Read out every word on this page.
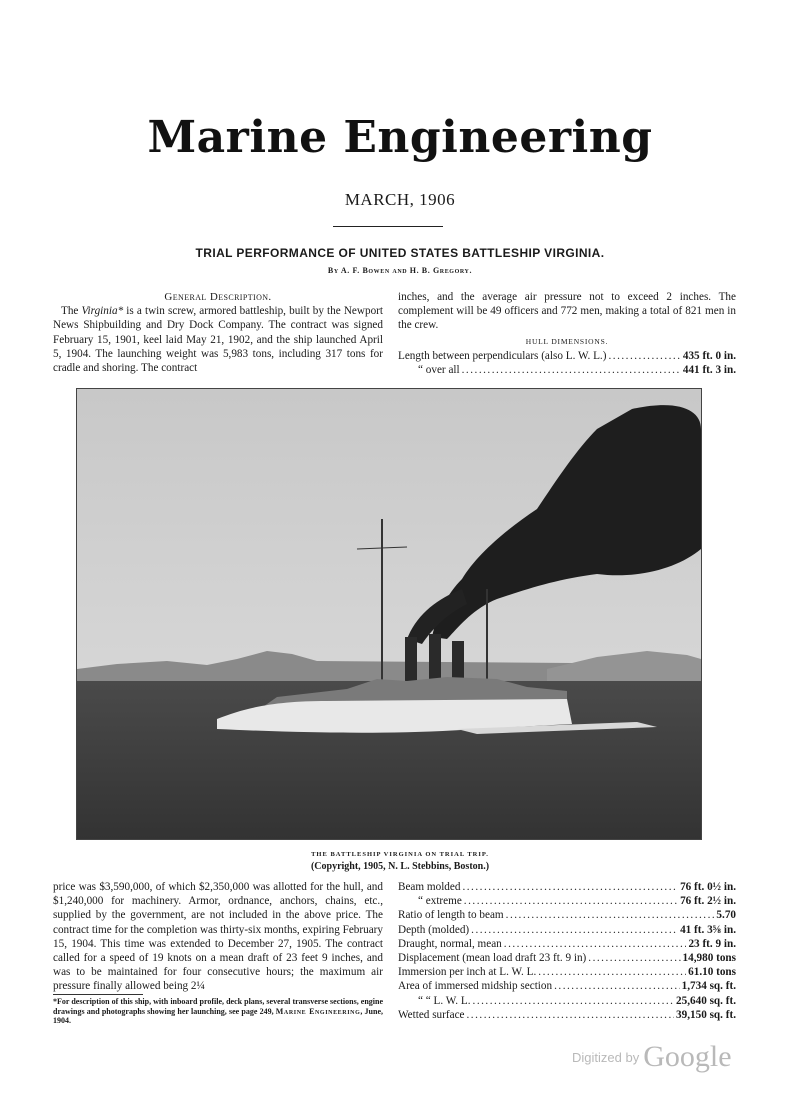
Marine Engineering
MARCH, 1906
TRIAL PERFORMANCE OF UNITED STATES BATTLESHIP VIRGINIA.
By A. F. Bowen and H. B. Gregory.
General Description.

The Virginia* is a twin screw, armored battleship, built by the Newport News Shipbuilding and Dry Dock Company. The contract was signed February 15, 1901, keel laid May 21, 1902, and the ship launched April 5, 1904. The launching weight was 5,983 tons, including 317 tons for cradle and shoring. The contract

inches, and the average air pressure not to exceed 2 inches. The complement will be 49 officers and 772 men, making a total of 821 men in the crew.

HULL DIMENSIONS.
Length between perpendiculars (also L. W. L.) .....	435 ft. 0 in.
“ over all .....	441 ft. 3 in.
THE BATTLESHIP VIRGINIA ON TRIAL TRIP.
(Copyright, 1905, N. L. Stebbins, Boston.)

price was $3,590,000, of which $2,350,000 was allotted for the hull, and $1,240,000 for machinery. Armor, ordnance, anchors, chains, etc., supplied by the government, are not included in the above price. The contract time for the completion was thirty-six months, expiring February 15, 1904. This time was extended to December 27, 1905. The contract called for a speed of 19 knots on a mean draft of 23 feet 9 inches, and was to be maintained for four consecutive hours; the maximum air pressure finally allowed being 2¼

*For description of this ship, with inboard profile, deck plans, several transverse sections, engine drawings and photographs showing her launching, see page 249, Marine Engineering, June, 1904.
Beam molded .....	76 ft. 0½ in.
“ extreme .....	76 ft. 2½ in.
Ratio of length to beam .....	5.70
Depth (molded) .....	41 ft. 3⅝ in.
Draught, normal, mean .....	23 ft. 9 in.
Displacement (mean load draft 23 ft. 9 in) .....	14,980 tons
Immersion per inch at L. W. L. .....	61.10 tons
Area of immersed midship section .....	1,734 sq. ft.
“ “ L. W. L. .....	25,640 sq. ft.
Wetted surface .....	39,150 sq. ft.
$^{Digitized by}$ Google
